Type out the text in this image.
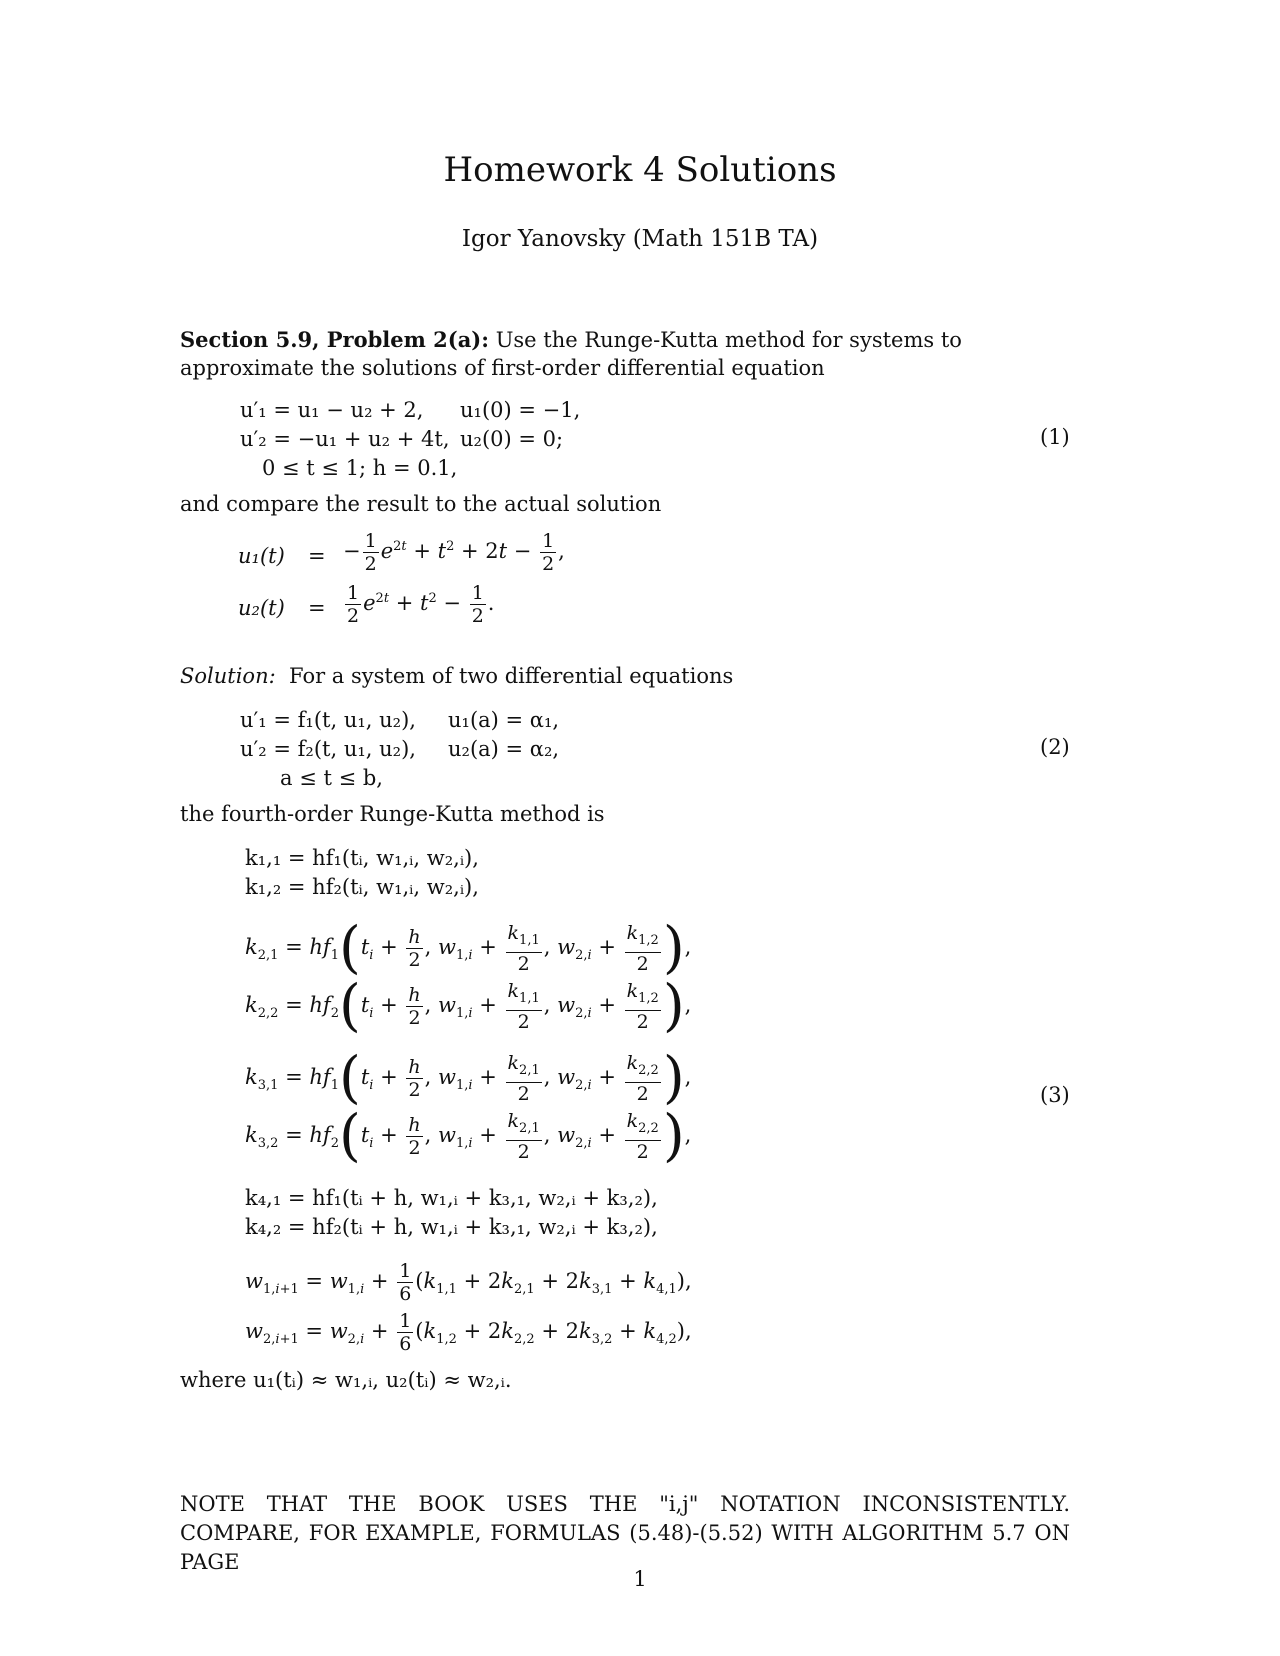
Homework 4 Solutions
Igor Yanovsky (Math 151B TA)
Section 5.9, Problem 2(a): Use the Runge-Kutta method for systems to approximate the solutions of first-order differential equation
u′₁ = u₁ − u₂ + 2, u₁(0) = −1,
u′₂ = −u₁ + u₂ + 4t, u₂(0) = 0;
0 ≤ t ≤ 1; h = 0.1,
(1)
and compare the result to the actual solution
u₁(t) = − $\frac{1}{2} e^{2t} + t^2 + 2t - \frac{1}{2}$ ,
$u_2(t) = \frac{1}{2} e^{2t} + t^2 - \frac{1}{2}$ .
Solution: For a system of two differential equations
u′₁ = f₁(t, u₁, u₂), u₁(a) = α₁,
u′₂ = f₂(t, u₁, u₂), u₂(a) = α₂,
a ≤ t ≤ b,
(2)
the fourth-order Runge-Kutta method is
k₁,₁ = hf₁(tᵢ, w₁,ᵢ, w₂,ᵢ),
k₁,₂ = hf₂(tᵢ, w₁,ᵢ, w₂,ᵢ),
$k_{2,1} = hf_1(t_i + \frac{h}{2}$ , $w_{1,i} + \frac{k_{1,1}}{2}$ , $w_{2,i} + \frac{k_{1,2}}{2}$ ),
$k_{2,2} = hf_2(t_i + \frac{h}{2}$ , $w_{1,i} + \frac{k_{1,1}}{2}$ , $w_{2,i} + \frac{k_{1,2}}{2}$ ),
$k_{3,1} = hf_1(t_i + \frac{h}{2}$ , $w_{1,i} + \frac{k_{2,1}}{2}$ , $w_{2,i} + \frac{k_{2,2}}{2}$ ),
$k_{3,2} = hf_2(t_i + \frac{h}{2}$ , $w_{1,i} + \frac{k_{2,1}}{2}$ , $w_{2,i} + \frac{k_{2,2}}{2}$ ),
k₄,₁ = hf₁(tᵢ + h, w₁,ᵢ + k₃,₁, w₂,ᵢ + k₃,₂),
k₄,₂ = hf₂(tᵢ + h, w₁,ᵢ + k₃,₁, w₂,ᵢ + k₃,₂),
$w_{1,i+1} = w_{1,i} + \frac{1}{6} (k_{1,1} + 2k_{2,1} + 2k_{3,1} + k_{4,1})$,
$w_{2,i+1} = w_{2,i} + \frac{1}{6} (k_{1,2} + 2k_{2,2} + 2k_{3,2} + k_{4,2})$,
(3)
where u₁(tᵢ) ≈ w₁,ᵢ, u₂(tᵢ) ≈ w₂,ᵢ.
NOTE THAT THE BOOK USES THE "i,j" NOTATION INCONSISTENTLY. COMPARE, FOR EXAMPLE, FORMULAS (5.48)-(5.52) WITH ALGORITHM 5.7 ON PAGE
1
